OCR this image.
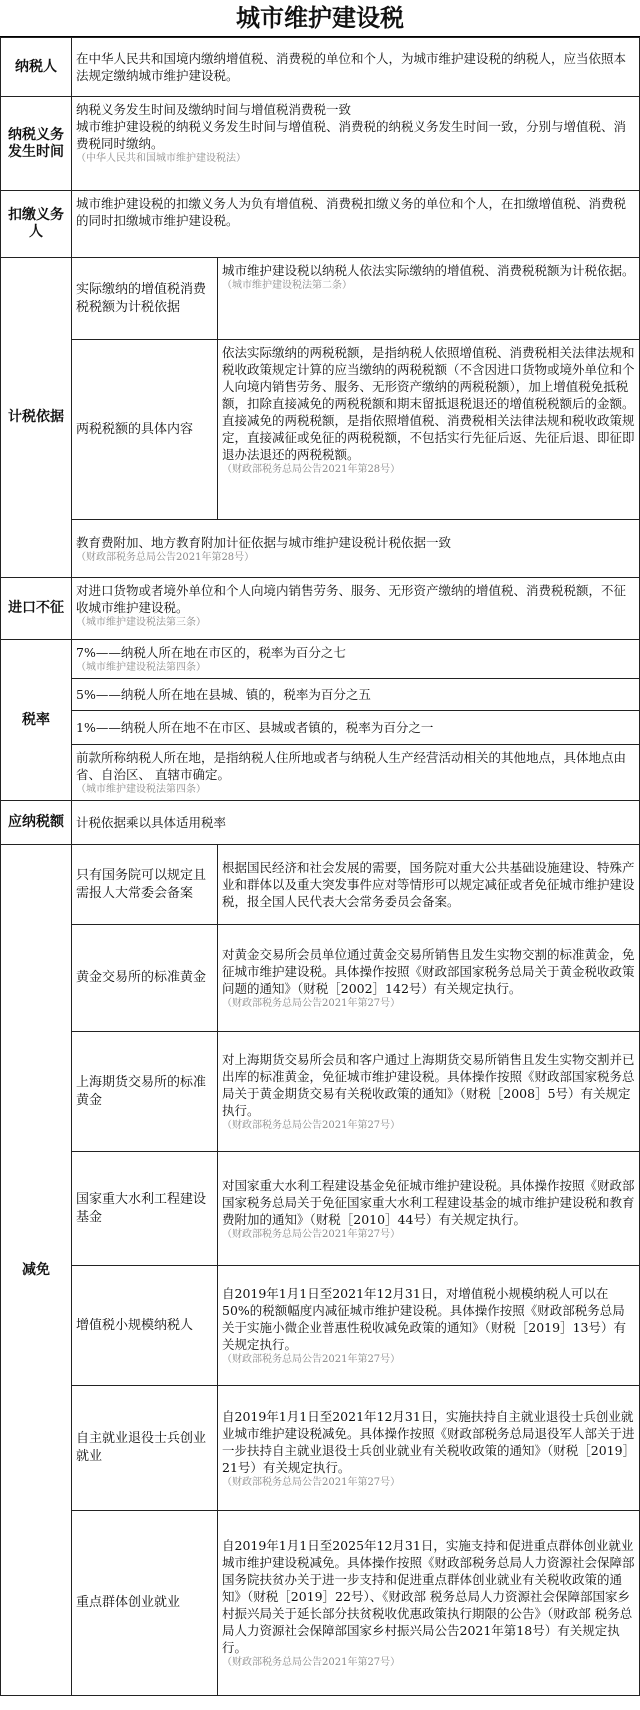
城市维护建设税
纳税人	在中华人民共和国境内缴纳增值税、消费税的单位和个人，为城市维护建设税的纳税人，应当依照本法规定缴纳城市维护建设税。	
纳税义务发生时间	纳税义务发生时间及缴纳时间与增值税消费税一致
城市维护建设税的纳税义务发生时间与增值税、消费税的纳税义务发生时间一致，分别与增值税、消费税同时缴纳。
（中华人民共和国城市维护建设税法）	

扣缴义务人	城市维护建设税的扣缴义务人为负有增值税、消费税扣缴义务的单位和个人，在扣缴增值税、消费税的同时扣缴城市维护建设税。	
计税依据	实际缴纳的增值税消费税税额为计税依据	城市维护建设税以纳税人依法实际缴纳的增值税、消费税税额为计税依据。
（城市维护建设税法第二条）

	两税税额的具体内容	依法实际缴纳的两税税额，是指纳税人依照增值税、消费税相关法律法规和税收政策规定计算的应当缴纳的两税税额（不含因进口货物或境外单位和个人向境内销售劳务、服务、无形资产缴纳的两税税额），加上增值税免抵税额，扣除直接减免的两税税额和期末留抵退税退还的增值税税额后的金额。
直接减免的两税税额，是指依照增值税、消费税相关法律法规和税收政策规定，直接减征或免征的两税税额，不包括实行先征后返、先征后退、即征即退办法退还的两税税额。
（财政部税务总局公告2021年第28号）

	教育费附加、地方教育附加计征依据与城市维护建设税计税依据一致
（财政部税务总局公告2021年第28号）	

进口不征	对进口货物或者境外单位和个人向境内销售劳务、服务、无形资产缴纳的增值税、消费税税额，不征收城市维护建设税。
（城市维护建设税法第三条）	

税率	7%——纳税人所在地在市区的，税率为百分之七
（城市维护建设税法第四条）	

	5%——纳税人所在地在县城、镇的，税率为百分之五	
	1%——纳税人所在地不在市区、县城或者镇的，税率为百分之一	

	前款所称纳税人所在地，是指纳税人住所地或者与纳税人生产经营活动相关的其他地点，具体地点由省、自治区、 直辖市确定。
（城市维护建设税法第四条）	

应纳税额	计税依据乘以具体适用税率	
减免	只有国务院可以规定且需报人大常委会备案	根据国民经济和社会发展的需要，国务院对重大公共基础设施建设、特殊产业和群体以及重大突发事件应对等情形可以规定减征或者免征城市维护建设税，报全国人民代表大会常务委员会备案。
	黄金交易所的标准黄金	对黄金交易所会员单位通过黄金交易所销售且发生实物交割的标准黄金，免征城市维护建设税。具体操作按照《财政部国家税务总局关于黄金税收政策问题的通知》（财税［2002］142号）有关规定执行。
（财政部税务总局公告2021年第27号）

	上海期货交易所的标准黄金	对上海期货交易所会员和客户通过上海期货交易所销售且发生实物交割并已出库的标准黄金，免征城市维护建设税。具体操作按照《财政部国家税务总局关于黄金期货交易有关税收政策的通知》（财税［2008］5号）有关规定执行。
（财政部税务总局公告2021年第27号）

	国家重大水利工程建设基金	对国家重大水利工程建设基金免征城市维护建设税。具体操作按照《财政部国家税务总局关于免征国家重大水利工程建设基金的城市维护建设税和教育费附加的通知》（财税［2010］44号）有关规定执行。
（财政部税务总局公告2021年第27号）

	增值税小规模纳税人	自2019年1月1日至2021年12月31日，对增值税小规模纳税人可以在50%的税额幅度内减征城市维护建设税。具体操作按照《财政部税务总局关于实施小微企业普惠性税收减免政策的通知》（财税［2019］13号）有关规定执行。
（财政部税务总局公告2021年第27号）

	自主就业退役士兵创业就业	自2019年1月1日至2021年12月31日，实施扶持自主就业退役士兵创业就业城市维护建设税减免。具体操作按照《财政部税务总局退役军人部关于进一步扶持自主就业退役士兵创业就业有关税收政策的通知》（财税［2019］21号）有关规定执行。
（财政部税务总局公告2021年第27号）

	重点群体创业就业	自2019年1月1日至2025年12月31日，实施支持和促进重点群体创业就业城市维护建设税减免。具体操作按照《财政部税务总局人力资源社会保障部国务院扶贫办关于进一步支持和促进重点群体创业就业有关税收政策的通知》（财税［2019］22号）、《财政部 税务总局人力资源社会保障部国家乡村振兴局关于延长部分扶贫税收优惠政策执行期限的公告》（财政部 税务总局人力资源社会保障部国家乡村振兴局公告2021年第18号）有关规定执行。
（财政部税务总局公告2021年第27号）
